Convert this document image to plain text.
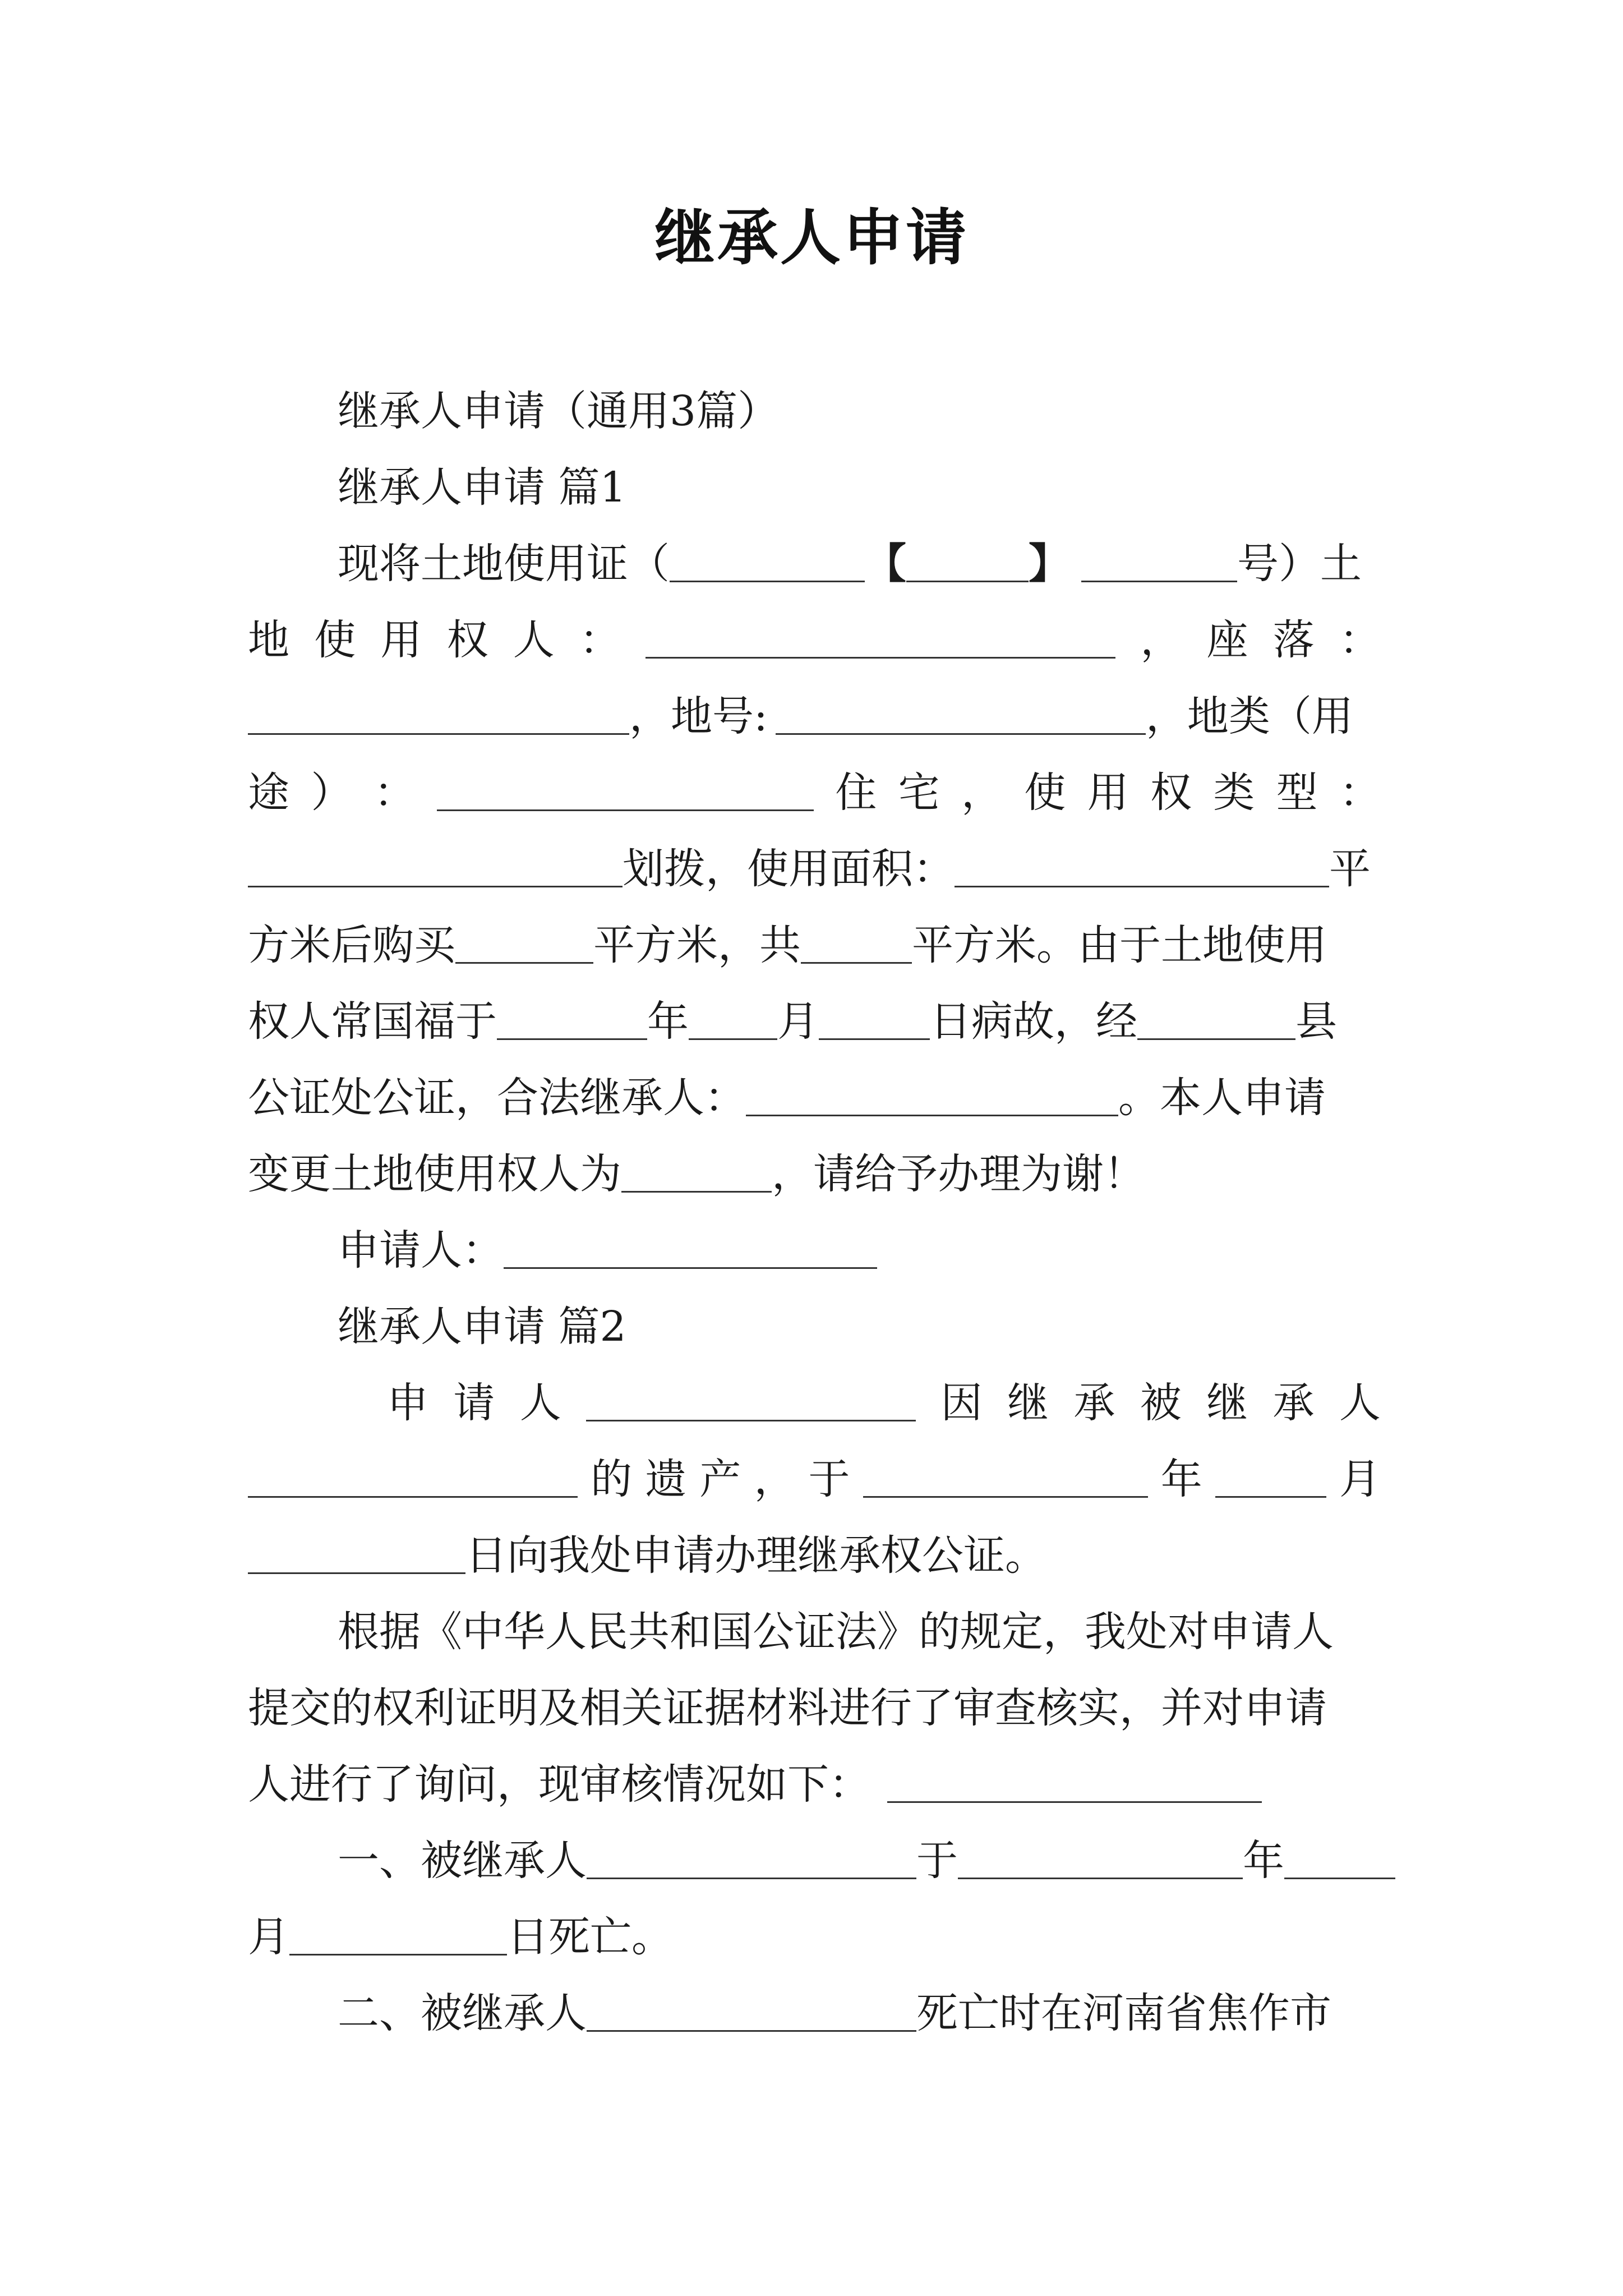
继承人申请
继承人申请（通用3篇）
继承人申请 篇1
现将土地使用证（	【	】	号）土
地 使 用 权 人 ：	， 座 落 ：
，地号:	，地类（用
途 ） ：	住 宅 ， 使 用 权 类 型 ：
划拨，使用面积：	平
方米后购买	平方米，共	平方米。由于土地使用
权人常国福于	年 月	日病故，经	县
公证处公证，合法继承人：	。本人申请
变更土地使用权人为	，请给予办理为谢！
申请人：
继承人申请 篇2
申 请 人	因 继 承 被 继 承 人
的 遗 产 ， 于	年	月
日向我处申请办理继承权公证。
根据《中华人民共和国公证法》的规定，我处对申请人
提交的权利证明及相关证据材料进行了审查核实，并对申请
人进行了询问，现审核情况如下：
一、被继承人	于	年
月	日死亡。
二、被继承人	死亡时在河南省焦作市
